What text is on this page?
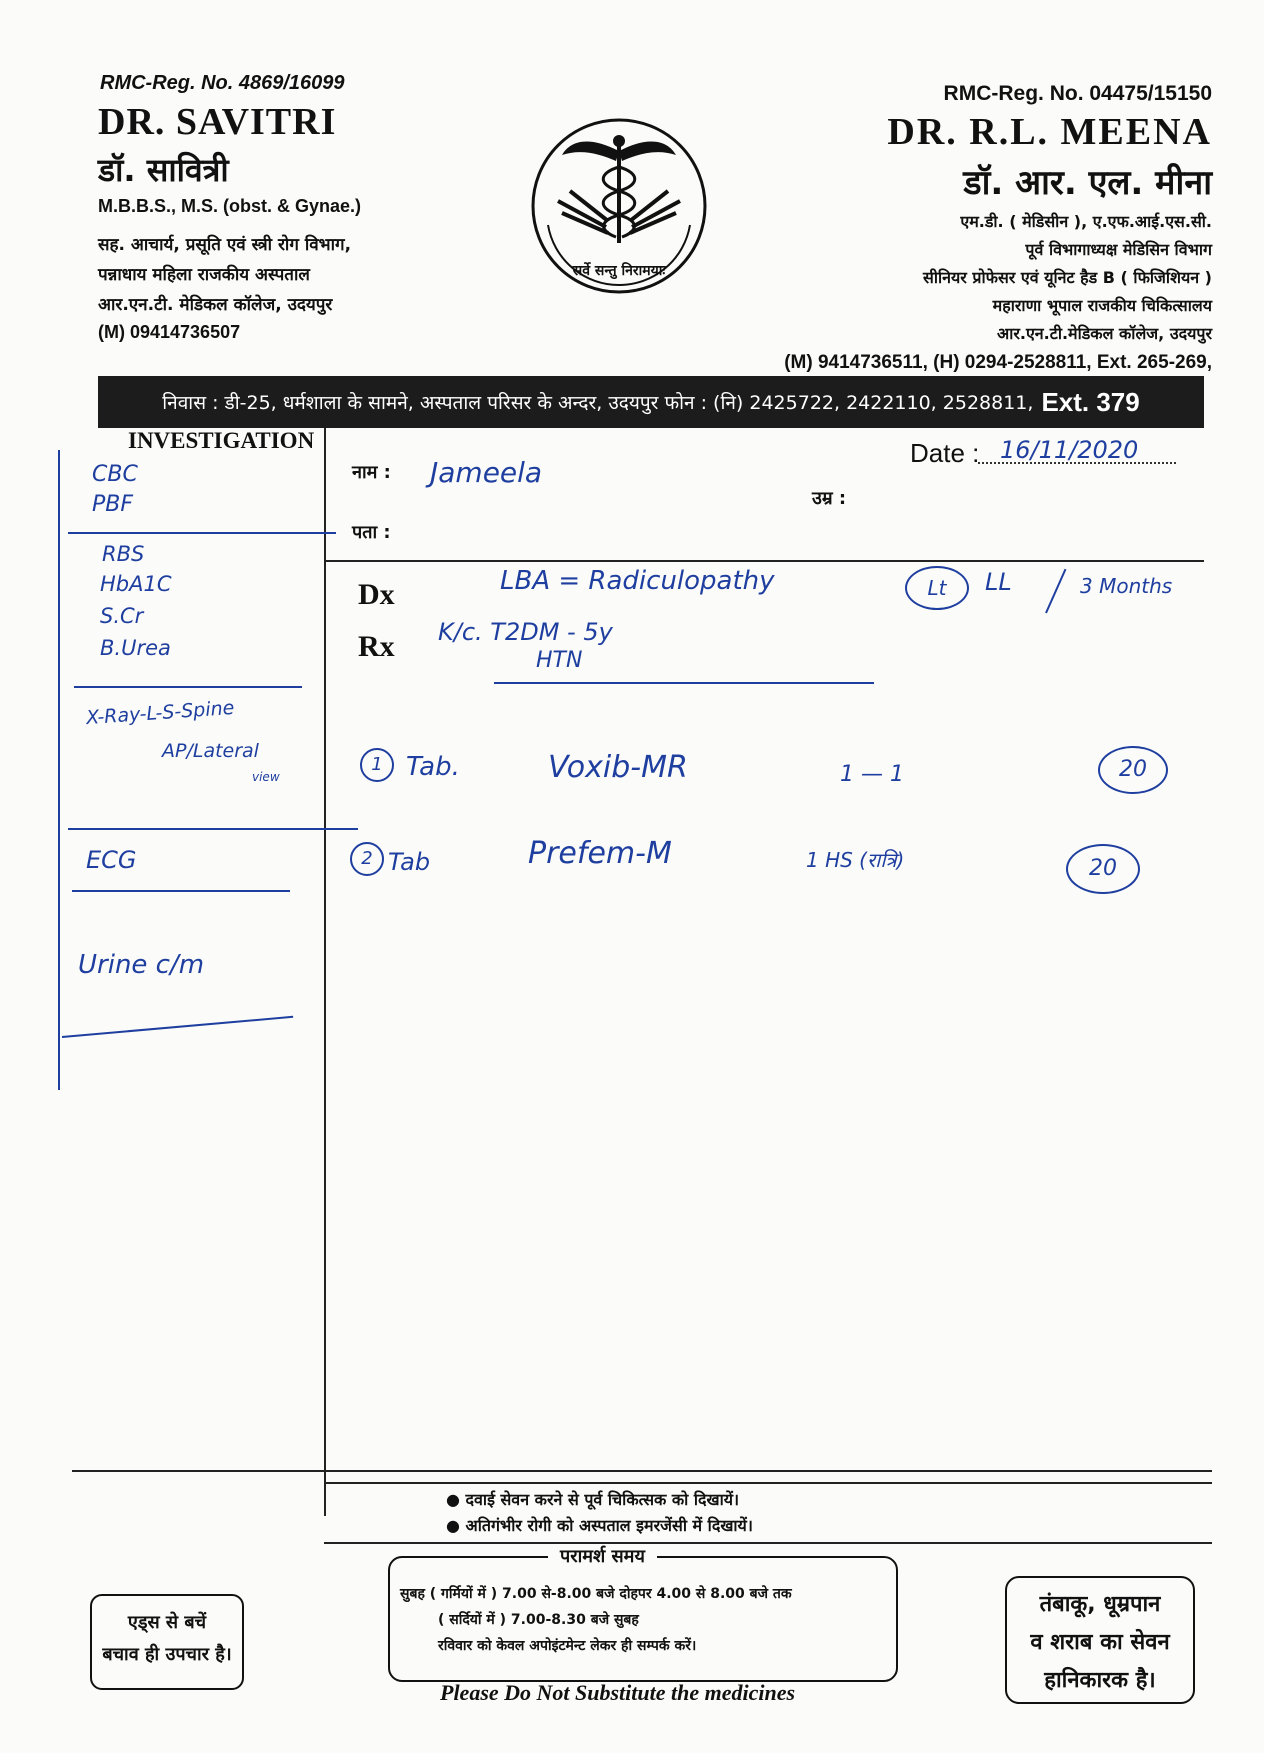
RMC-Reg. No. 4869/16099
DR. SAVITRI
डॉ. सावित्री
M.B.B.S., M.S. (obst. & Gynae.)
सह. आचार्य, प्रसूति एवं स्त्री रोग विभाग,
पन्नाधाय महिला राजकीय अस्पताल
आर.एन.टी. मेडिकल कॉलेज, उदयपुर
(M) 09414736507
सर्वे सन्तु निरामयाः
RMC-Reg. No. 04475/15150
DR. R.L. MEENA
डॉ. आर. एल. मीना
एम.डी. ( मेडिसीन ), ए.एफ.आई.एस.सी.
पूर्व विभागाध्यक्ष मेडिसिन विभाग
सीनियर प्रोफेसर एवं यूनिट हैड B ( फिजिशियन )
महाराणा भूपाल राजकीय चिकित्सालय
आर.एन.टी.मेडिकल कॉलेज, उदयपुर
(M) 9414736511, (H) 0294-2528811, Ext. 265-269,
निवास : डी-25, धर्मशाला के सामने, अस्पताल परिसर के अन्दर, उदयपुर फोन : (नि) 2425722, 2422110, 2528811, Ext. 379
INVESTIGATION
नाम :
उम्र :
पता :
Date : 16/11/2020
Dx
Rx
Jameela
CBC
PBF
RBS
HbA1C
S.Cr
B.Urea
X-Ray-L-S-Spine
AP/Lateral
view
ECG
Urine c/m
LBA = Radiculopathy	Lt	LL	3 Months
K/c. T2DM - 5y
HTN
1 Tab.	Voxib-MR	1 — 1	20
2 Tab	Prefem-M	1 HS (रात्रि)	20
● दवाई सेवन करने से पूर्व चिकित्सक को दिखायें।
● अतिगंभीर रोगी को अस्पताल इमरजेंसी में दिखायें।
सुबह ( गर्मियों में ) 7.00 से-8.00 बजे दोहपर 4.00 से 8.00 बजे तक
( सर्दियों में ) 7.00-8.30 बजे सुबह
रविवार को केवल अपोइंटमेन्ट लेकर ही सम्पर्क करें।
परामर्श समय
एड्स से बचें
बचाव ही उपचार है।
तंबाकू, धूम्रपान
व शराब का सेवन
हानिकारक है।
Please Do Not Substitute the medicines
